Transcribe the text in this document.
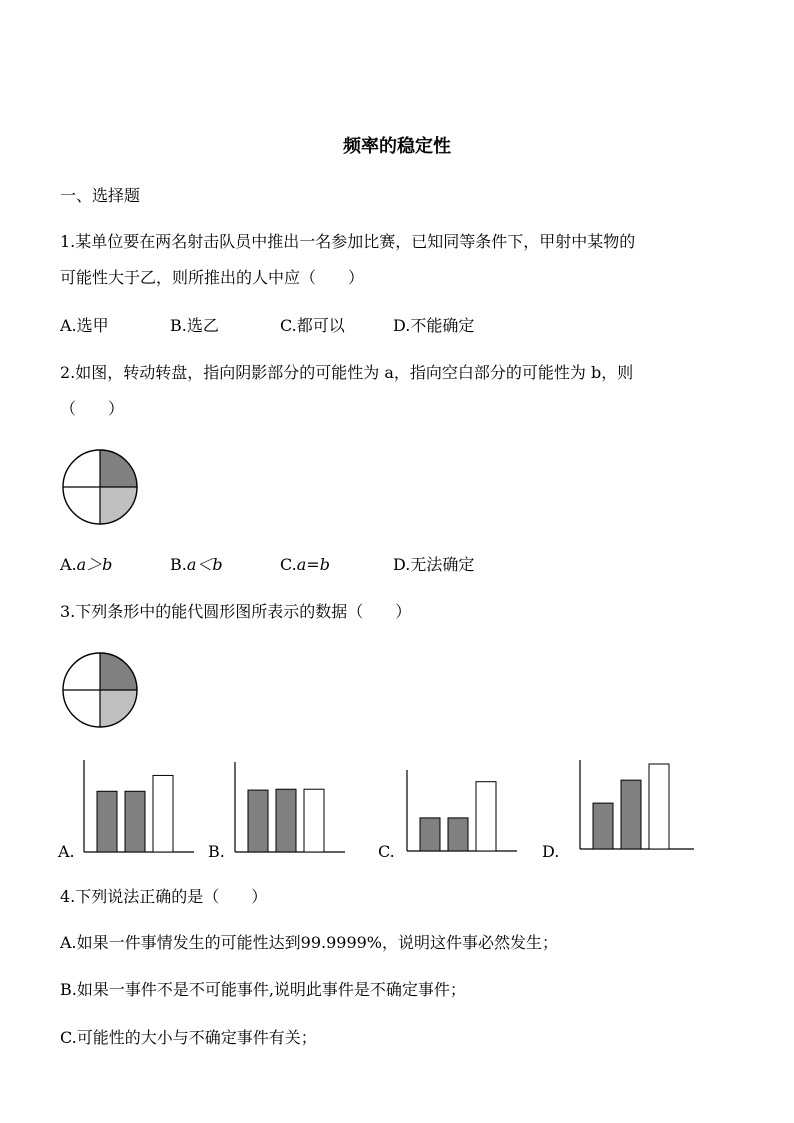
频率的稳定性
一、选择题
1.某单位要在两名射击队员中推出一名参加比赛，已知同等条件下，甲射中某物的
可能性大于乙，则所推出的人中应（　　）
A.选甲	B.选乙	C.都可以	D.不能确定
2.如图，转动转盘，指向阴影部分的可能性为 a，指向空白部分的可能性为 b，则
（　　）
A.a＞b	B.a＜b	C.a=b	D.无法确定
3.下列条形中的能代圆形图所表示的数据（　　）
A.	B.	C.	D.
4.下列说法正确的是（　　）
A.如果一件事情发生的可能性达到99.9999%，说明这件事必然发生；
B.如果一事件不是不可能事件,说明此事件是不确定事件；
C.可能性的大小与不确定事件有关；
